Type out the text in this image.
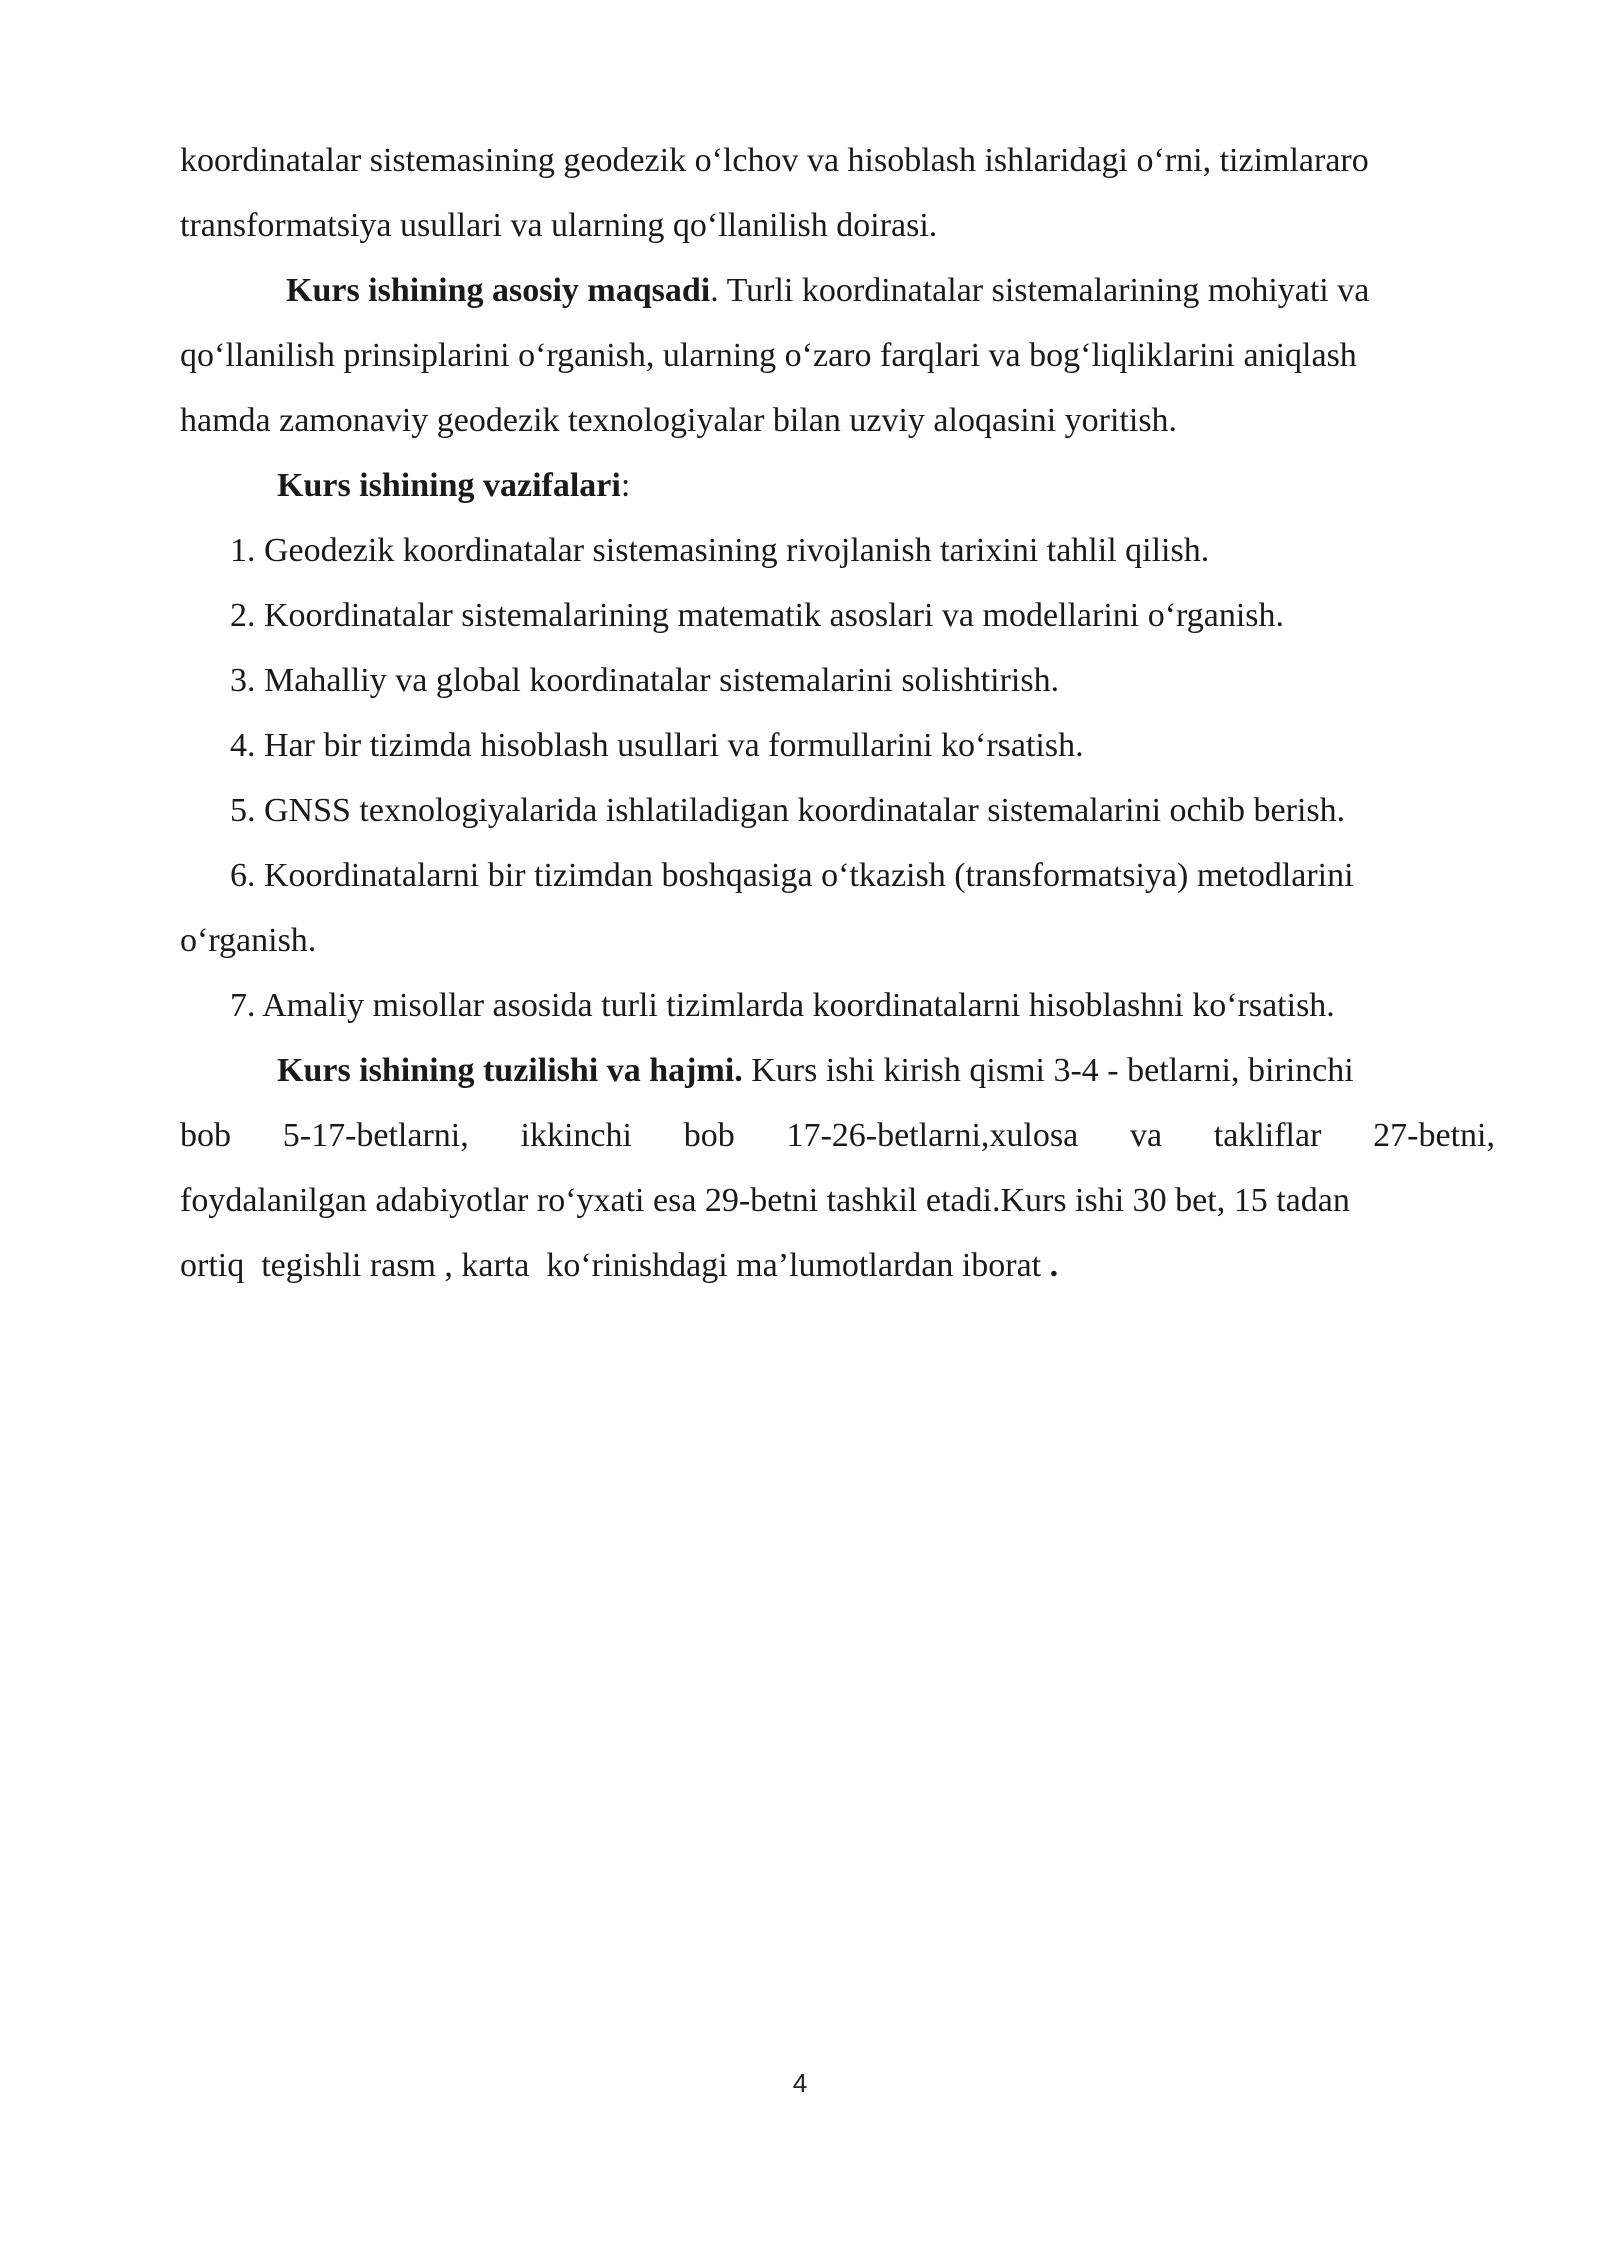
koordinatalar sistemasining geodezik o‘lchov va hisoblash ishlaridagi o‘rni, tizimlararo

transformatsiya usullari va ularning qo‘llanilish doirasi.

Kurs ishining asosiy maqsadi. Turli koordinatalar sistemalarining mohiyati va

qo‘llanilish prinsiplarini o‘rganish, ularning o‘zaro farqlari va bog‘liqliklarini aniqlash

hamda zamonaviy geodezik texnologiyalar bilan uzviy aloqasini yoritish.

Kurs ishining vazifalari:

1. Geodezik koordinatalar sistemasining rivojlanish tarixini tahlil qilish.

2. Koordinatalar sistemalarining matematik asoslari va modellarini o‘rganish.

3. Mahalliy va global koordinatalar sistemalarini solishtirish.

4. Har bir tizimda hisoblash usullari va formullarini ko‘rsatish.

5. GNSS texnologiyalarida ishlatiladigan koordinatalar sistemalarini ochib berish.

6. Koordinatalarni bir tizimdan boshqasiga o‘tkazish (transformatsiya) metodlarini

o‘rganish.

7. Amaliy misollar asosida turli tizimlarda koordinatalarni hisoblashni ko‘rsatish.

Kurs ishining tuzilishi va hajmi. Kurs ishi kirish qismi 3-4 - betlarni, birinchi

bob 5-17-betlarni, ikkinchi bob 17-26-betlarni,xulosa va takliflar 27-betni,

foydalanilgan adabiyotlar ro‘yxati esa 29-betni tashkil etadi.Kurs ishi 30 bet, 15 tadan

ortiq  tegishli rasm , karta  ko‘rinishdagi ma’lumotlardan iborat .

4
